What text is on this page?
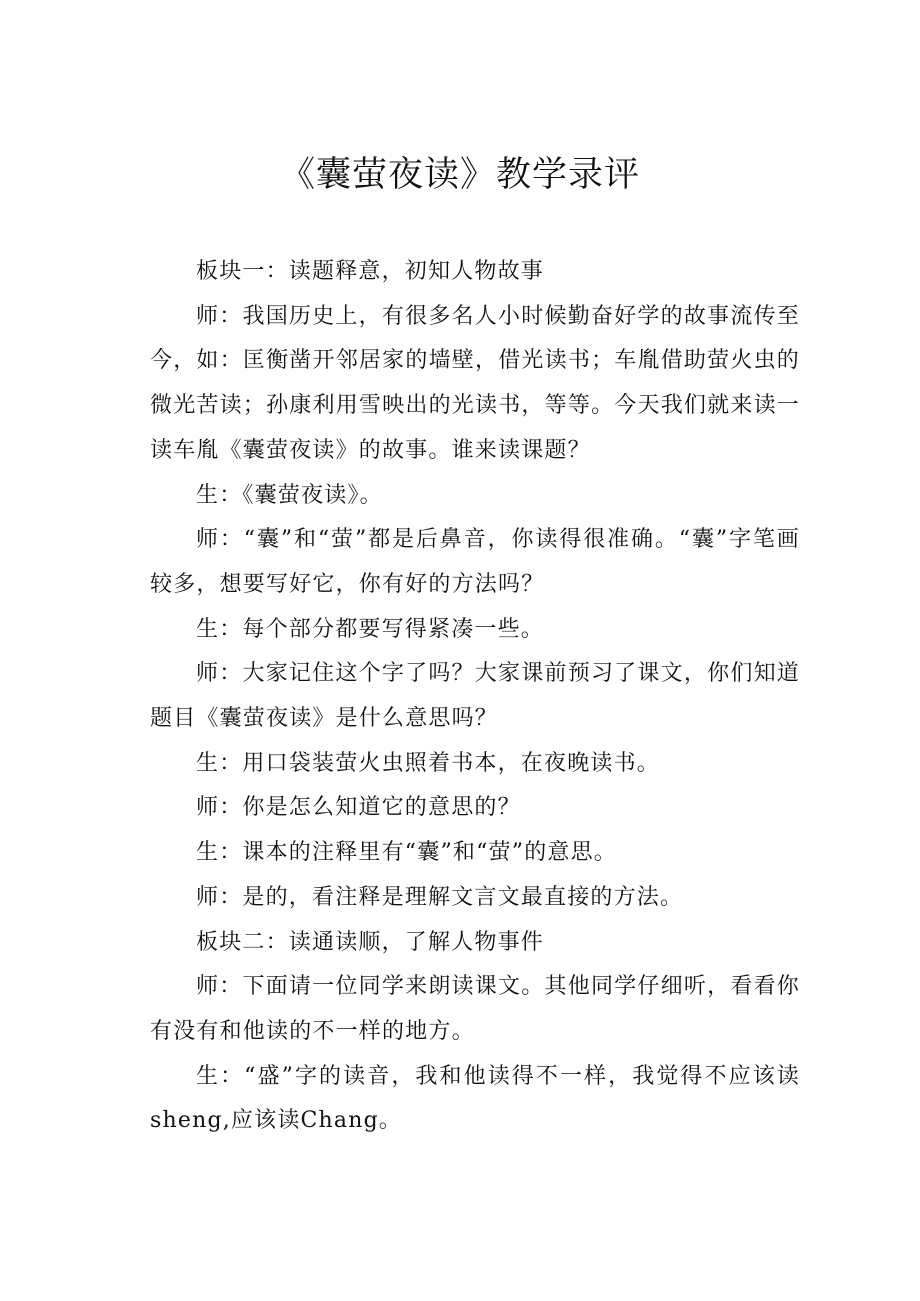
《囊萤夜读》教学录评

板块一：读题释意，初知人物故事

师：我国历史上，有很多名人小时候勤奋好学的故事流传至今，如：匡衡凿开邻居家的墙壁，借光读书；车胤借助萤火虫的微光苦读；孙康利用雪映出的光读书，等等。今天我们就来读一读车胤《囊萤夜读》的故事。谁来读课题？

生：《囊萤夜读》。

师：“囊”和“萤”都是后鼻音，你读得很准确。“囊”字笔画较多，想要写好它，你有好的方法吗？

生：每个部分都要写得紧凑一些。

师：大家记住这个字了吗？大家课前预习了课文，你们知道题目《囊萤夜读》是什么意思吗？

生：用口袋装萤火虫照着书本，在夜晚读书。

师：你是怎么知道它的意思的？

生：课本的注释里有“囊”和“萤”的意思。

师：是的，看注释是理解文言文最直接的方法。

板块二：读通读顺，了解人物事件

师：下面请一位同学来朗读课文。其他同学仔细听，看看你有没有和他读的不一样的地方。

生：“盛”字的读音，我和他读得不一样，我觉得不应该读sheng,应该读Chang。
